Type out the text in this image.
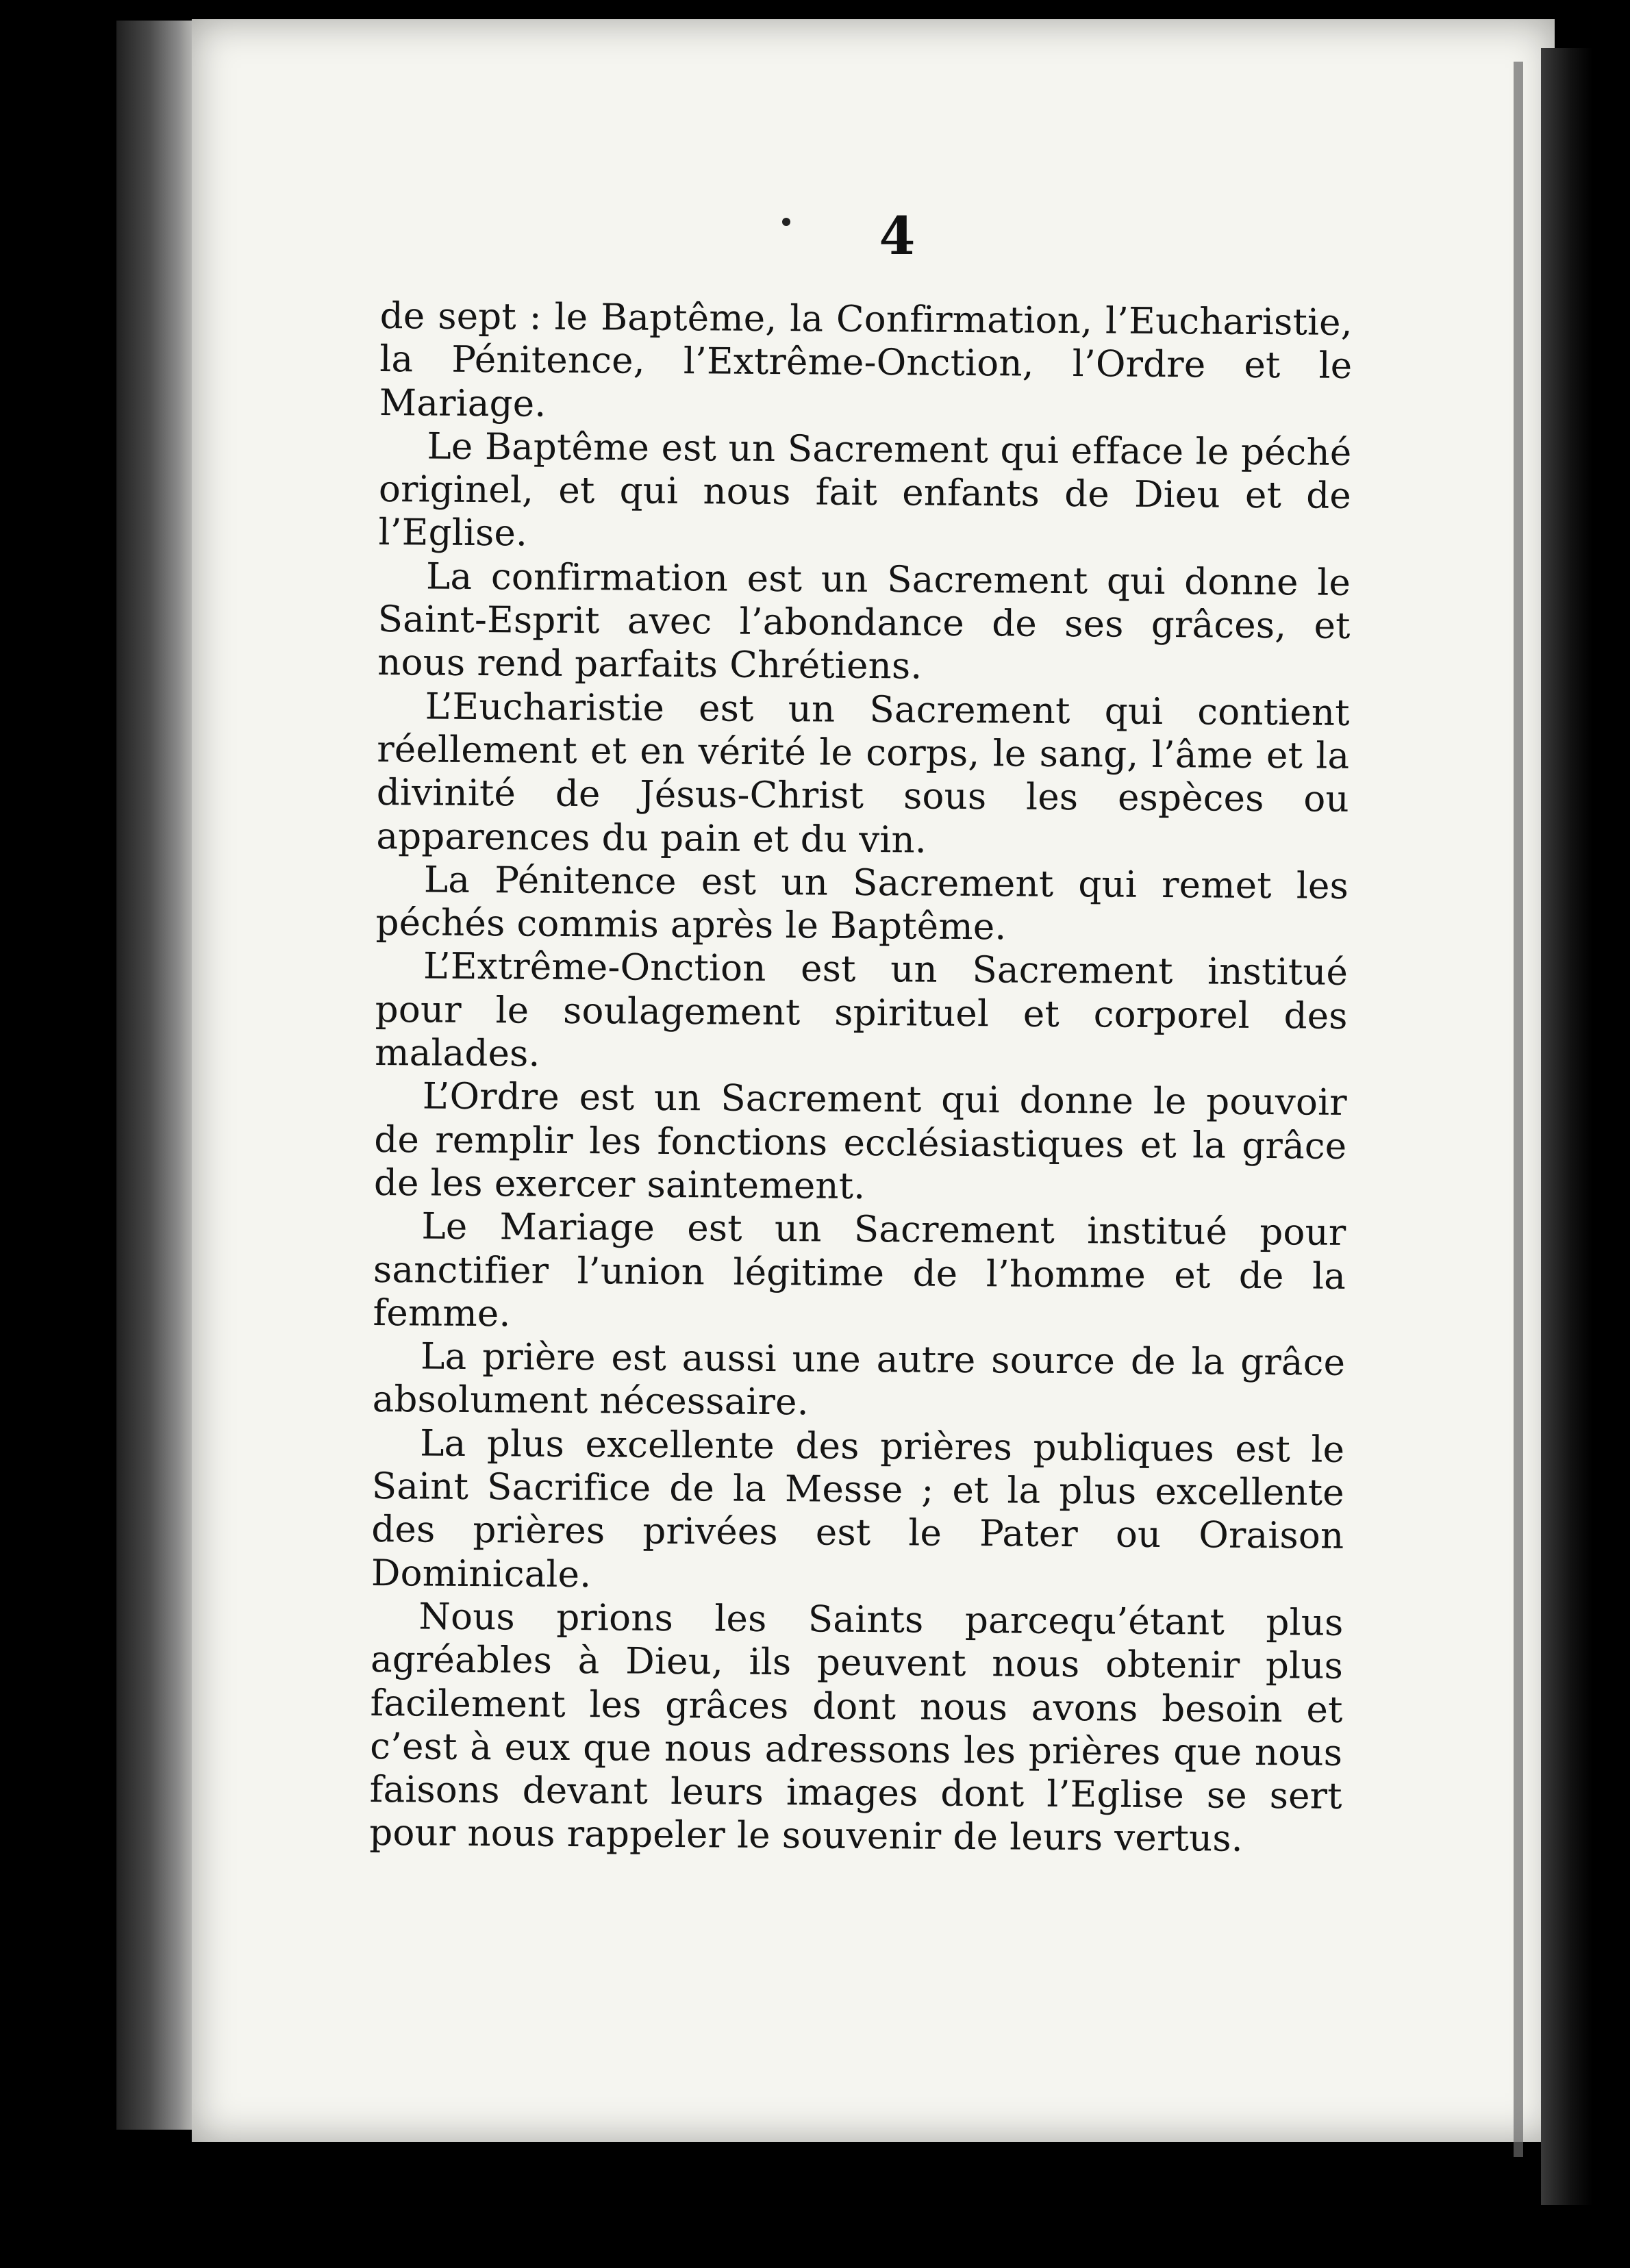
4

de sept : le Baptême, la Confirmation, l’Eucharistie, la Pénitence, l’Extrême-Onction, l’Ordre et le Mariage.

Le Baptême est un Sacrement qui efface le péché originel, et qui nous fait enfants de Dieu et de l’Eglise.

La confirmation est un Sacrement qui donne le Saint-Esprit avec l’abondance de ses grâces, et nous rend parfaits Chrétiens.

L’Eucharistie est un Sacrement qui contient réellement et en vérité le corps, le sang, l’âme et la divinité de Jésus-Christ sous les espèces ou apparences du pain et du vin.

La Pénitence est un Sacrement qui remet les péchés commis après le Baptême.

L’Extrême-Onction est un Sacrement institué pour le soulagement spirituel et corporel des malades.

L’Ordre est un Sacrement qui donne le pouvoir de remplir les fonctions ecclésiastiques et la grâce de les exercer saintement.

Le Mariage est un Sacrement institué pour sanctifier l’union légitime de l’homme et de la femme.

La prière est aussi une autre source de la grâce absolument nécessaire.

La plus excellente des prières publiques est le Saint Sacrifice de la Messe ; et la plus excellente des prières privées est le Pater ou Oraison Dominicale.

Nous prions les Saints parcequ’étant plus agréables à Dieu, ils peuvent nous obtenir plus facilement les grâces dont nous avons besoin et c’est à eux que nous adressons les prières que nous faisons devant leurs images dont l’Eglise se sert pour nous rappeler le souvenir de leurs vertus.
